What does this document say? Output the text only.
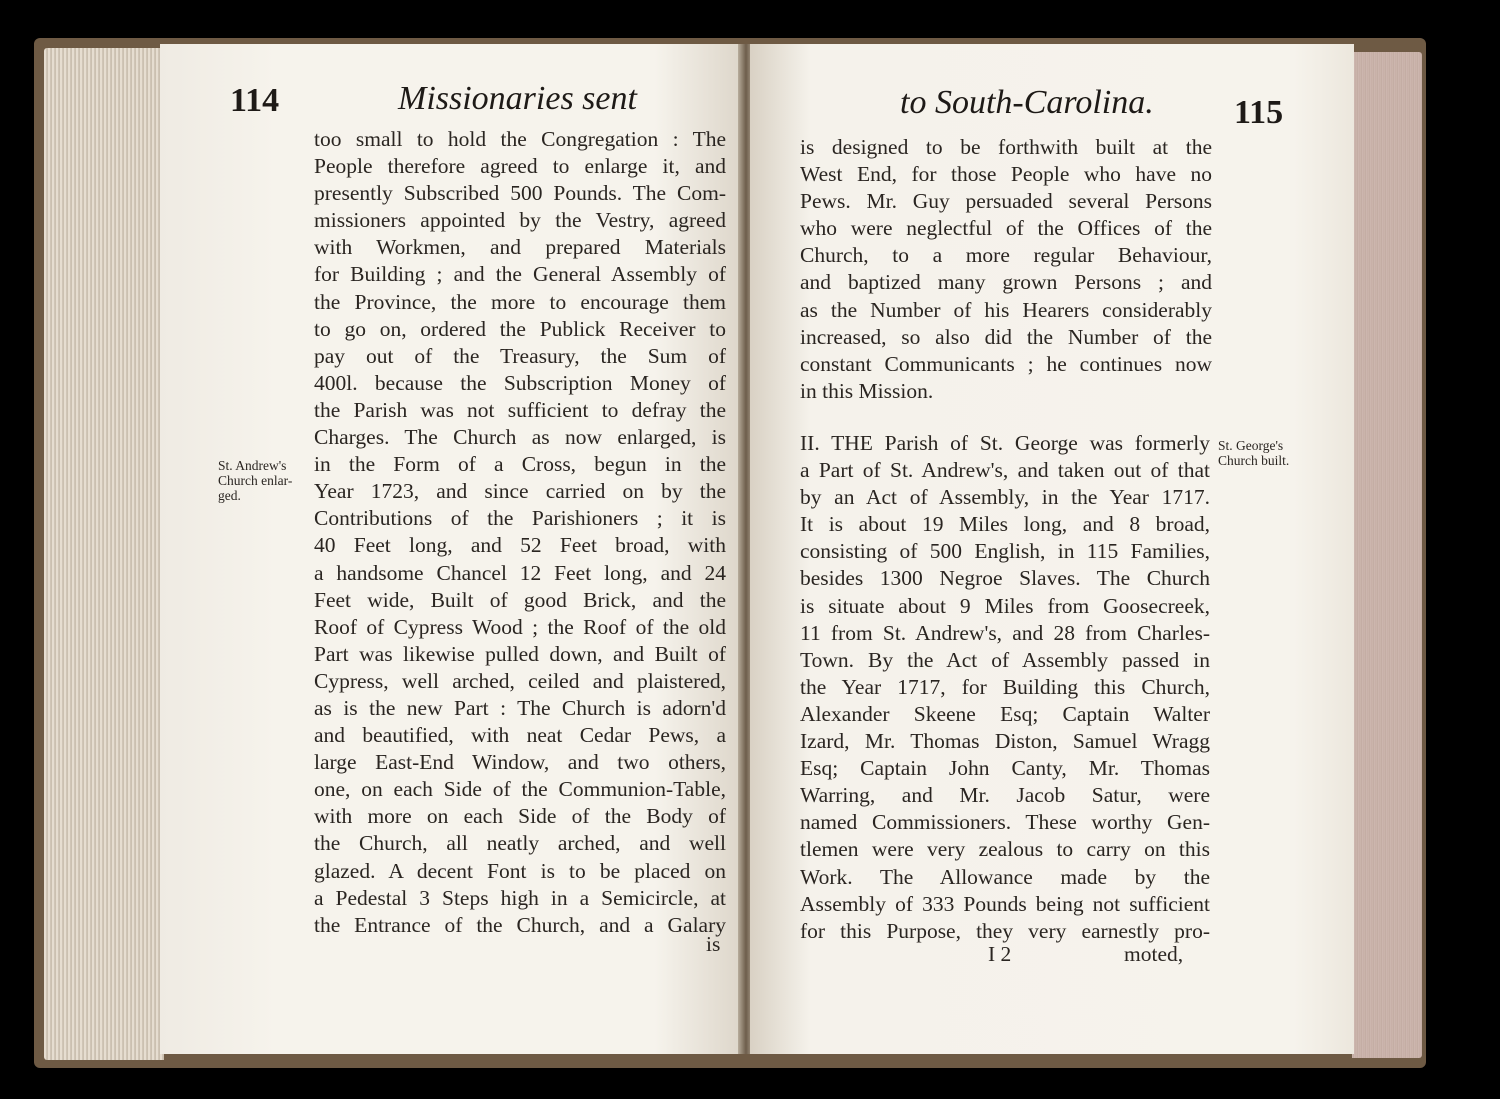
114	Missionaries sent
St. Andrew's
Church enlar-
ged.
too small to hold the Congregation : The
People therefore agreed to enlarge it, and
presently Subscribed 500 Pounds. The Com-
missioners appointed by the Vestry, agreed
with Workmen, and prepared Materials
for Building ; and the General Assembly of
the Province, the more to encourage them
to go on, ordered the Publick Receiver to
pay out of the Treasury, the Sum of
400l. because the Subscription Money of
the Parish was not sufficient to defray the
Charges. The Church as now enlarged, is
in the Form of a Cross, begun in the
Year 1723, and since carried on by the
Contributions of the Parishioners ; it is
40 Feet long, and 52 Feet broad, with
a handsome Chancel 12 Feet long, and 24
Feet wide, Built of good Brick, and the
Roof of Cypress Wood ; the Roof of the old
Part was likewise pulled down, and Built of
Cypress, well arched, ceiled and plaistered,
as is the new Part : The Church is adorn'd
and beautified, with neat Cedar Pews, a
large East-End Window, and two others,
one, on each Side of the Communion-Table,
with more on each Side of the Body of
the Church, all neatly arched, and well
glazed. A decent Font is to be placed on
a Pedestal 3 Steps high in a Semicircle, at
the Entrance of the Church, and a Galary
is
to South-Carolina. 115
is designed to be forthwith built at the
West End, for those People who have no
Pews. Mr. Guy persuaded several Persons
who were neglectful of the Offices of the
Church, to a more regular Behaviour,
and baptized many grown Persons ; and
as the Number of his Hearers considerably
increased, so also did the Number of the
constant Communicants ; he continues now
in this Mission.
St. George's
Church built.
II. THE Parish of St. George was formerly
a Part of St. Andrew's, and taken out of that
by an Act of Assembly, in the Year 1717.
It is about 19 Miles long, and 8 broad,
consisting of 500 English, in 115 Families,
besides 1300 Negroe Slaves. The Church
is situate about 9 Miles from Goosecreek,
11 from St. Andrew's, and 28 from Charles-
Town. By the Act of Assembly passed in
the Year 1717, for Building this Church,
Alexander Skeene Esq; Captain Walter
Izard, Mr. Thomas Diston, Samuel Wragg
Esq; Captain John Canty, Mr. Thomas
Warring, and Mr. Jacob Satur, were
named Commissioners. These worthy Gen-
tlemen were very zealous to carry on this
Work. The Allowance made by the
Assembly of 333 Pounds being not sufficient
for this Purpose, they very earnestly pro-
I 2	moted,
